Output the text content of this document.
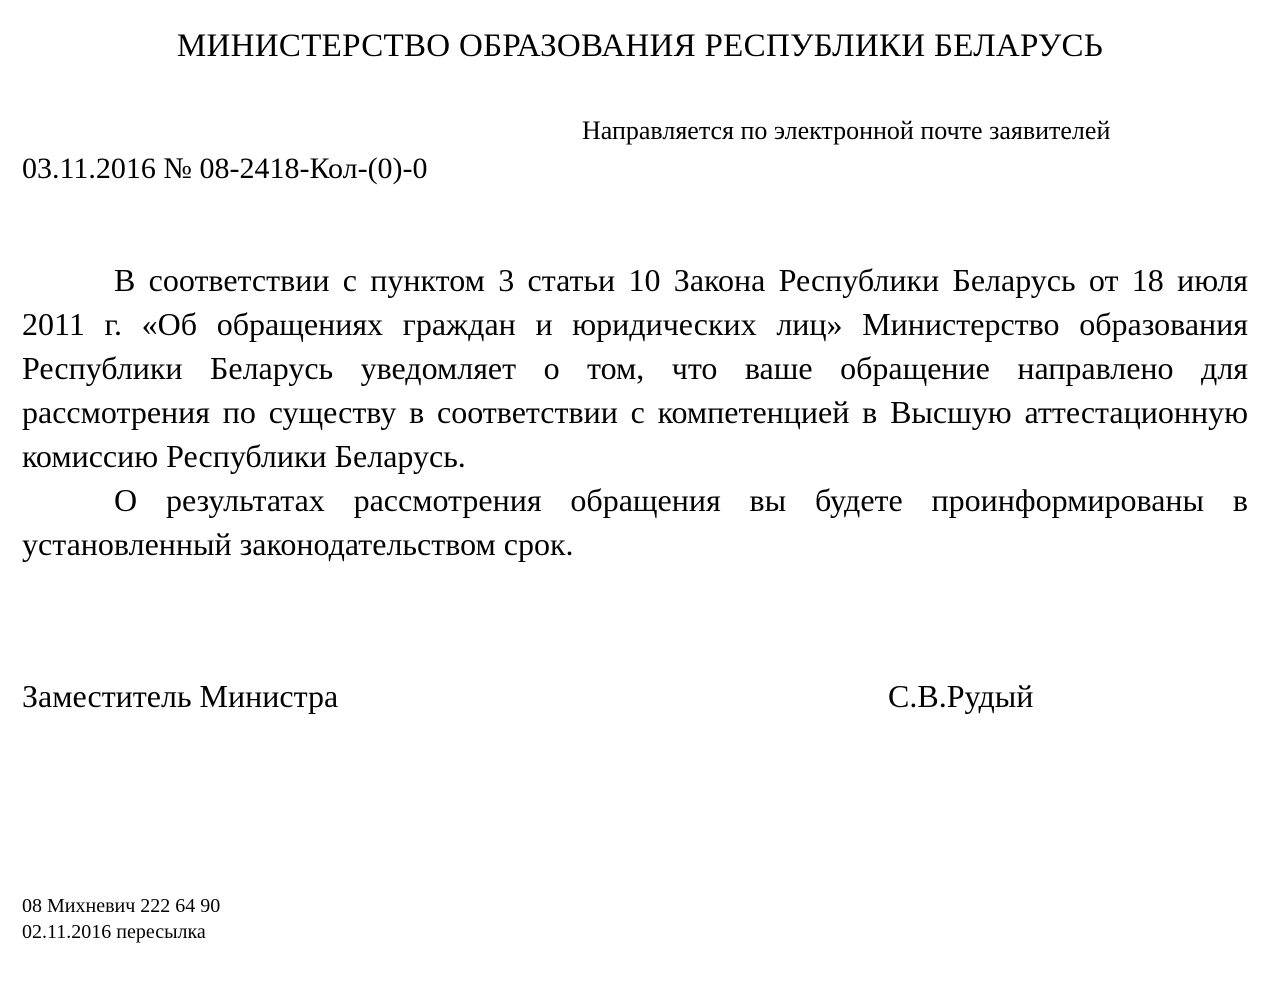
МИНИСТЕРСТВО ОБРАЗОВАНИЯ РЕСПУБЛИКИ БЕЛАРУСЬ
Направляется по электронной почте заявителей
03.11.2016 № 08-2418-Кол-(0)-0

В соответствии с пунктом 3 статьи 10 Закона Республики Беларусь от 18 июля 2011 г. «Об обращениях граждан и юридических лиц» Министерство образования Республики Беларусь уведомляет о том, что ваше обращение направлено для рассмотрения по существу в соответствии с компетенцией в Высшую аттестационную комиссию Республики Беларусь.

О результатах рассмотрения обращения вы будете проинформированы в установленный законодательством срок.

Заместитель Министра	С.В.Рудый
08 Михневич 222 64 90
02.11.2016 пересылка
